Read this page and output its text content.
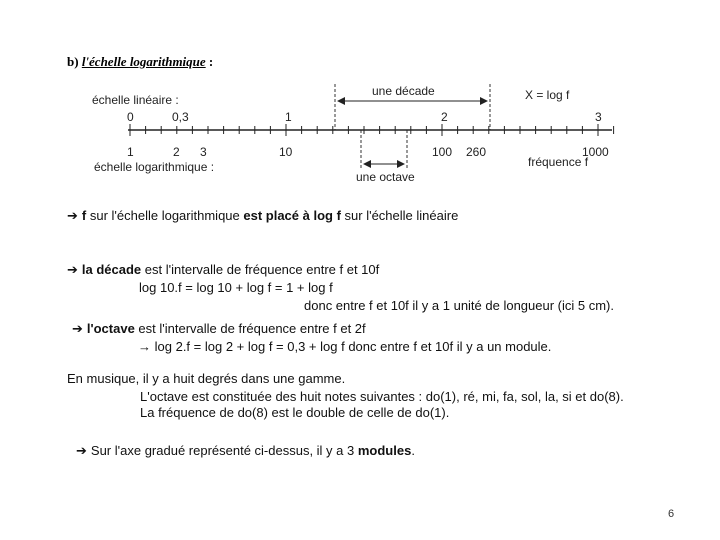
b) l'échelle logarithmique :
échelle linéaire :
échelle logarithmique :
une décade
une octave
X = log f
fréquence f
0	0,3	1	2	3
1	2 3	10	100 260	1000
➔ f sur l'échelle logarithmique est placé à log f sur l'échelle linéaire
➔ la décade est l'intervalle de fréquence entre f et 10f
log 10.f = log 10 + log f = 1 + log f
donc entre f et 10f il y a 1 unité de longueur (ici 5 cm).
➔ l'octave est l'intervalle de fréquence entre f et 2f
→ log 2.f = log 2 + log f = 0,3 + log f donc entre f et 10f il y a un module.
En musique, il y a huit degrés dans une gamme.
L'octave est constituée des huit notes suivantes : do(1), ré, mi, fa, sol, la, si et do(8).
La fréquence de do(8) est le double de celle de do(1).
➔ Sur l'axe gradué représenté ci-dessus, il y a 3 modules.
6
